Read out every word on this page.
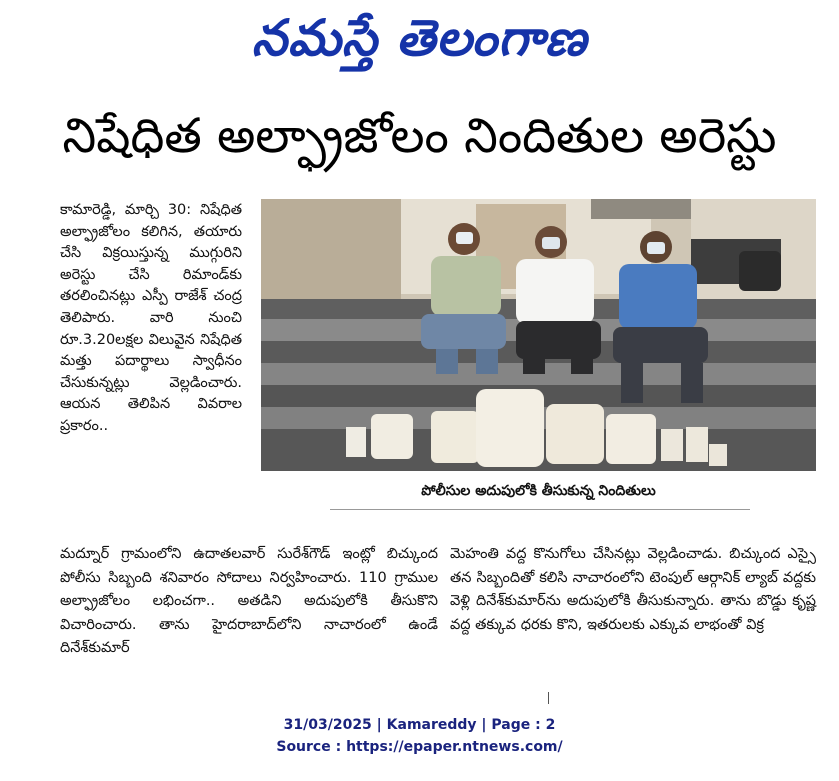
నమస్తే తెలంగాణ
నిషేధిత అల్ఫ్రాజోలం నిందితుల అరెస్టు

కామారెడ్డి, మార్చి 30: నిషేధిత అల్ఫ్రాజోలం కలిగిన, తయారు చేసి విక్రయిస్తున్న ముగ్గురిని అరెస్టు చేసి రిమాండ్‌కు తరలించినట్లు ఎస్పీ రాజేశ్ చంద్ర తెలిపారు. వారి నుంచి రూ.3.20లక్షల విలువైన నిషేధిత మత్తు పదార్థాలు స్వాధీనం చేసుకున్నట్లు వెల్లడించారు. ఆయన తెలిపిన వివరాల ప్రకారం..

పోలీసుల అదుపులోకి తీసుకున్న నిందితులు

మద్నూర్ గ్రామంలోని ఉదాతలవార్ సురేశ్‌గౌడ్ ఇంట్లో బిచ్కుంద పోలీసు సిబ్బంది శనివారం సోదాలు నిర్వహించారు. 110 గ్రాముల అల్ఫ్రాజోలం లభించగా.. అతడిని అదుపులోకి తీసుకొని విచారించారు. తాను హైదరాబాద్‌లోని నాచారంలో ఉండే దినేశ్‌కుమార్

మెహంతి వద్ద కొనుగోలు చేసినట్లు వెల్లడించాడు. బిచ్కుంద ఎస్సై తన సిబ్బందితో కలిసి నాచారంలోని టెంపుల్ ఆర్గానిక్ ల్యాబ్ వద్దకు వెళ్లి దినేశ్‌కుమార్‌ను అదుపులోకి తీసుకున్నారు. తాను బొడ్డు కృష్ణ వద్ద తక్కువ ధరకు కొని, ఇతరులకు ఎక్కువ లాభంతో విక్ర

31/03/2025 | Kamareddy | Page : 2
Source : https://epaper.ntnews.com/
